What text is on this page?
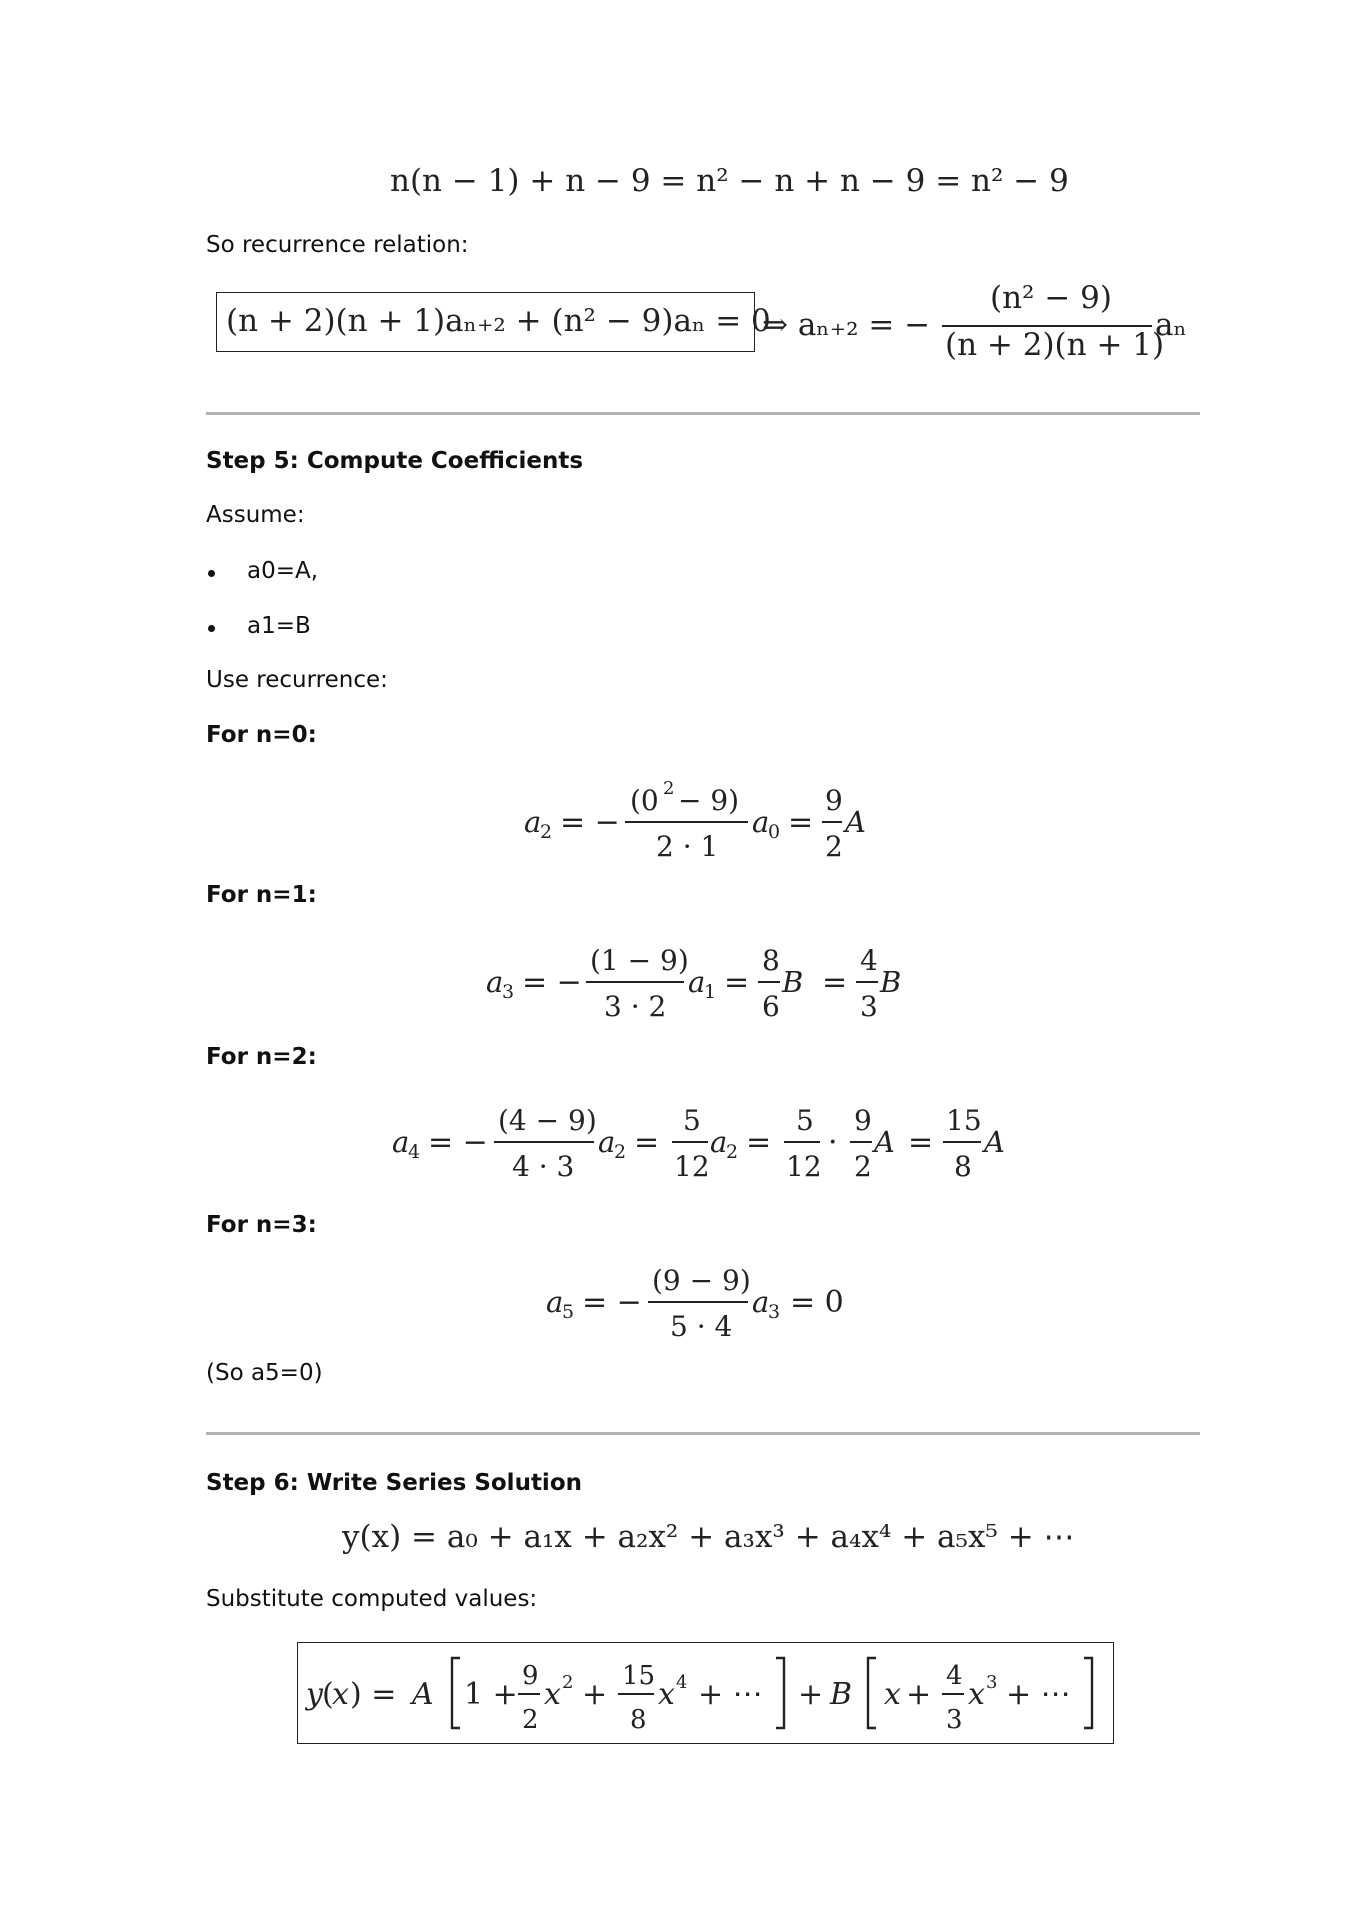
n(n − 1) + n − 9 = n² − n + n − 9 = n² − 9
So recurrence relation:
(n + 2)(n + 1)aₙ₊₂ + (n² − 9)aₙ = 0
⇒ aₙ₊₂ = −
(n² − 9)
(n + 2)(n + 1)
aₙ
Step 5: Compute Coefficients
Assume:
a0=A,
a1=B
Use recurrence:
For n=0:
a
2 = −
(0 2 − 9)
2 · 1
a
0 =
9
2
A
For n=1:
a
3 = −
(1 − 9)
3 · 2
a
1 =
8
6
B =
4
3
B
For n=2:
a
4 = −
(4 − 9)
4 · 3
a
2 =
5
12
a
2 =
5
12
·
9
2
A =
15
8
A
For n=3:
a
5 = −
(9 − 9)
5 · 4
a
3 = 0
(So a5=0)
Step 6: Write Series Solution
y(x) = a₀ + a₁x + a₂x² + a₃x³ + a₄x⁴ + a₅x⁵ + ⋯
Substitute computed values:
y (
x ) = A 1 +
9
2
x 2 +
15
8
x 4 + ⋯ + B x +
4
3
x 3 + ⋯
